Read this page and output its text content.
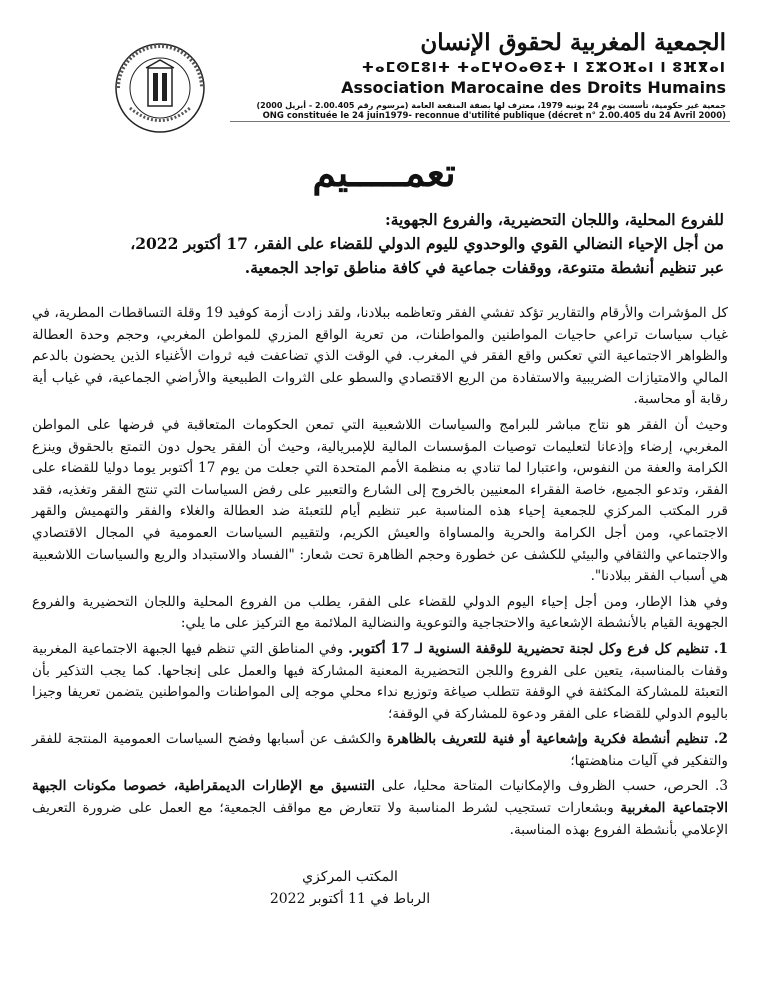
الجمعية المغربية لحقوق الإنسان

ⵜⴰⵎⵙⵎⵓⵏⵜ ⵜⴰⵎⵖⵔⴰⴱⵉⵜ ⵏ ⵉⵣⵔⴼⴰⵏ ⵏ ⵓⴼⴳⴰⵏ

Association Marocaine des Droits Humains

جمعية غير حكومية، تأسست يوم 24 يونيه 1979، معترف لها بصفة المنفعة العامة (مرسوم رقم 2.00.405 - أبريل 2000)

ONG constituée le 24 juin1979- reconnue d'utilité publique (décret n° 2.00.405 du 24 Avril 2000)

تعمـــــيم

للفروع المحلية، واللجان التحضيرية، والفروع الجهوية:

من أجل الإحياء النضالي القوي والوحدوي لليوم الدولي للقضاء على الفقر، 17 أكتوبر 2022،

عبر تنظيم أنشطة متنوعة، ووقفات جماعية في كافة مناطق تواجد الجمعية.

كل المؤشرات والأرقام والتقارير تؤكد تفشي الفقر وتعاظمه ببلادنا، ولقد زادت أزمة كوفيد 19 وقلة التساقطات المطرية، في غياب سياسات تراعي حاجيات المواطنين والمواطنات، من تعرية الواقع المزري للمواطن المغربي، وحجم وحدة العطالة والظواهر الاجتماعية التي تعكس واقع الفقر في المغرب. في الوقت الذي تضاعفت فيه ثروات الأغنياء الذين يحضون بالدعم المالي والامتيازات الضريبية والاستفادة من الريع الاقتصادي والسطو على الثروات الطبيعية والأراضي الجماعية، في غياب أية رقابة أو محاسبة.

وحيث أن الفقر هو نتاج مباشر للبرامج والسياسات اللاشعبية التي تمعن الحكومات المتعاقبة في فرضها على المواطن المغربي، إرضاء وإذعانا لتعليمات توصيات المؤسسات المالية للإمبريالية، وحيث أن الفقر يحول دون التمتع بالحقوق وينزع الكرامة والعفة من النفوس، واعتبارا لما تنادي به منظمة الأمم المتحدة التي جعلت من يوم 17 أكتوبر يوما دوليا للقضاء على الفقر، وتدعو الجميع، خاصة الفقراء المعنيين بالخروج إلى الشارع والتعبير على رفض السياسات التي تنتج الفقر وتغذيه، فقد قرر المكتب المركزي للجمعية إحياء هذه المناسبة عبر تنظيم أيام للتعبئة ضد العطالة والغلاء والفقر والتهميش والقهر الاجتماعي، ومن أجل الكرامة والحرية والمساواة والعيش الكريم، ولتقييم السياسات العمومية في المجال الاقتصادي والاجتماعي والثقافي والبيئي للكشف عن خطورة وحجم الظاهرة تحت شعار: "الفساد والاستبداد والريع والسياسات اللاشعبية هي أسباب الفقر ببلادنا".

وفي هذا الإطار، ومن أجل إحياء اليوم الدولي للقضاء على الفقر، يطلب من الفروع المحلية واللجان التحضيرية والفروع الجهوية القيام بالأنشطة الإشعاعية والاحتجاجية والتوعوية والنضالية الملائمة مع التركيز على ما يلي:

1. تنظيم كل فرع وكل لجنة تحضيرية للوقفة السنوية لـ 17 أكتوبر. وفي المناطق التي تنظم فيها الجبهة الاجتماعية المغربية وقفات بالمناسبة، يتعين على الفروع واللجن التحضيرية المعنية المشاركة فيها والعمل على إنجاحها. كما يجب التذكير بأن التعبئة للمشاركة المكثفة في الوقفة تتطلب صياغة وتوزيع نداء محلي موجه إلى المواطنات والمواطنين يتضمن تعريفا وجيزا باليوم الدولي للقضاء على الفقر ودعوة للمشاركة في الوقفة؛

2. تنظيم أنشطة فكرية وإشعاعية أو فنية للتعريف بالظاهرة والكشف عن أسبابها وفضح السياسات العمومية المنتجة للفقر والتفكير في آليات مناهضتها؛

3. الحرص، حسب الظروف والإمكانيات المتاحة محليا، على التنسيق مع الإطارات الديمقراطية، خصوصا مكونات الجبهة الاجتماعية المغربية وبشعارات تستجيب لشرط المناسبة ولا تتعارض مع مواقف الجمعية؛ مع العمل على ضرورة التعريف الإعلامي بأنشطة الفروع بهذه المناسبة.

المكتب المركزي

الرباط في 11 أكتوبر 2022
